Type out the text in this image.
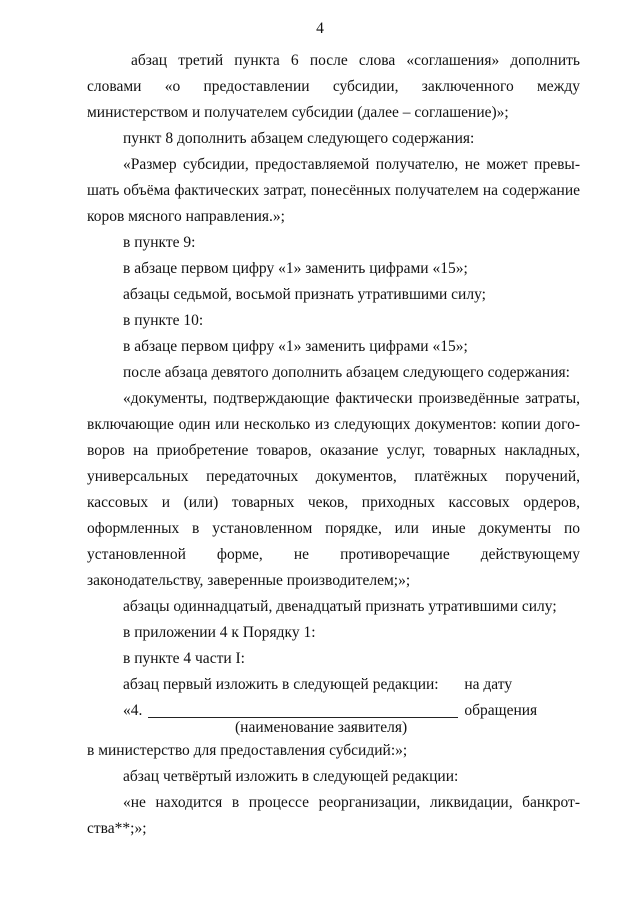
4

абзац третий пункта 6 после слова «соглашения» дополнить словами «о предоставлении субсидии, заключенного между министерством и получателем субсидии (далее – соглашение)»;

пункт 8 дополнить абзацем следующего содержания:

«Размер субсидии, предоставляемой получателю, не может превышать объёма фактических затрат, понесённых получателем на содержание коров мясного направления.»;

в пункте 9:

в абзаце первом цифру «1» заменить цифрами «15»;

абзацы седьмой, восьмой признать утратившими силу;

в пункте 10:

в абзаце первом цифру «1» заменить цифрами «15»;

после абзаца девятого дополнить абзацем следующего содержания:

«документы, подтверждающие фактически произведённые затраты, включающие один или несколько из следующих документов: копии договоров на приобретение товаров, оказание услуг, товарных накладных, универсальных передаточных документов, платёжных поручений, кассовых и (или) товарных чеков, приходных кассовых ордеров, оформленных в установленном порядке, или иные документы по установленной форме, не противоречащие действующему законодательству, заверенные производителем;»;

абзацы одиннадцатый, двенадцатый признать утратившими силу;

в приложении 4 к Порядку 1:

в пункте 4 части I:

абзац первый изложить в следующей редакции:

«4.
на дату обращения
(наименование заявителя)

в министерство для предоставления субсидий:»;

абзац четвёртый изложить в следующей редакции:

«не находится в процессе реорганизации, ликвидации, банкротства**;»;
